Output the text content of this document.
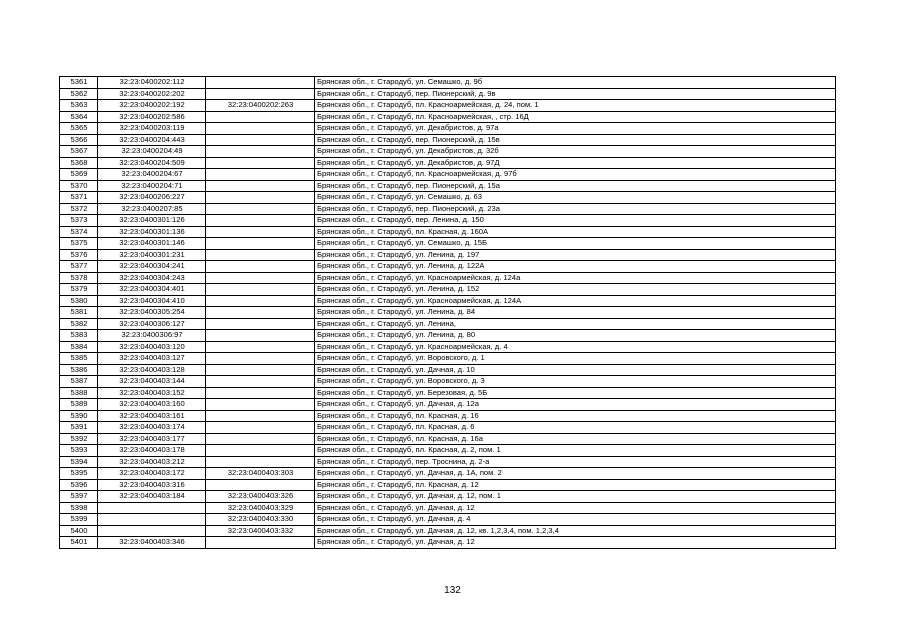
5361	32:23:0400202:112		Брянская обл., г. Стародуб, ул. Семашко, д. 9б
5362	32:23:0400202:202		Брянская обл., г. Стародуб, пер. Пионерский, д. 9в
5363	32:23:0400202:192	32:23:0400202:263	Брянская обл., г. Стародуб, пл. Красноармейская, д. 24, пом. 1
5364	32:23:0400202:586		Брянская обл., г. Стародуб, пл. Красноармейская, , стр. 16Д
5365	32:23:0400203:119		Брянская обл., г. Стародуб, ул. Декабристов, д. 97а
5366	32:23:0400204:443		Брянская обл., г. Стародуб, пер. Пионерский, д. 15в
5367	32:23:0400204:49		Брянская обл., г. Стародуб, ул. Декабристов, д. 32б
5368	32:23:0400204:509		Брянская обл., г. Стародуб, ул. Декабристов, д. 97Д
5369	32:23:0400204:67		Брянская обл., г. Стародуб, пл. Красноармейская, д. 97б
5370	32:23:0400204:71		Брянская обл., г. Стародуб, пер. Пионерский, д. 15а
5371	32:23:0400206:227		Брянская обл., г. Стародуб, ул. Семашко, д. 63
5372	32:23:0400207:85		Брянская обл., г. Стародуб, пер. Пионерский, д. 23а
5373	32:23:0400301:126		Брянская обл., г. Стародуб, пер. Ленина, д. 150
5374	32:23:0400301:136		Брянская обл., г. Стародуб, пл. Красная, д. 160А
5375	32:23:0400301:146		Брянская обл., г. Стародуб, ул. Семашко, д. 15Б
5376	32:23:0400301:231		Брянская обл., г. Стародуб, ул. Ленина, д. 197
5377	32:23:0400304:241		Брянская обл., г. Стародуб, ул. Ленина, д. 122А
5378	32:23:0400304:243		Брянская обл., г. Стародуб, ул. Красноармейская, д. 124а
5379	32:23:0400304:401		Брянская обл., г. Стародуб, ул. Ленина, д. 152
5380	32:23:0400304:410		Брянская обл., г. Стародуб, ул. Красноармейская, д. 124А
5381	32:23:0400305:254		Брянская обл., г. Стародуб, ул. Ленина, д. 84
5382	32:23:0400306:127		Брянская обл., г. Стародуб, ул. Ленина,
5383	32:23:0400306:97		Брянская обл., г. Стародуб, ул. Ленина, д. 80
5384	32:23:0400403:120		Брянская обл., г. Стародуб, ул. Красноармейская, д. 4
5385	32:23:0400403:127		Брянская обл., г. Стародуб, ул. Воровского, д. 1
5386	32:23:0400403:128		Брянская обл., г. Стародуб, ул. Дачная, д. 10
5387	32:23:0400403:144		Брянская обл., г. Стародуб, ул. Воровского, д. 3
5388	32:23:0400403:152		Брянская обл., г. Стародуб, ул. Березовая, д. 5Б
5389	32:23:0400403:160		Брянская обл., г. Стародуб, ул. Дачная, д. 12а
5390	32:23:0400403:161		Брянская обл., г. Стародуб, пл. Красная, д. 16
5391	32:23:0400403:174		Брянская обл., г. Стародуб, пл. Красная, д. 6
5392	32:23:0400403:177		Брянская обл., г. Стародуб, пл. Красная, д. 16а
5393	32:23:0400403:178		Брянская обл., г. Стародуб, пл. Красная, д. 2, пом. 1
5394	32:23:0400403:212		Брянская обл., г. Стародуб, пер. Троснина, д. 2-а
5395	32:23:0400403:172	32:23:0400403:303	Брянская обл., г. Стародуб, ул. Дачная, д. 1А, пом. 2
5396	32:23:0400403:316		Брянская обл., г. Стародуб, пл. Красная, д. 12
5397	32:23:0400403:184	32:23:0400403:326	Брянская обл., г. Стародуб, ул. Дачная, д. 12, пом. 1
5398		32:23:0400403:329	Брянская обл., г. Стародуб, ул. Дачная, д. 12
5399		32:23:0400403:330	Брянская обл., г. Стародуб, ул. Дачная, д. 4
5400		32:23:0400403:332	Брянская обл., г. Стародуб, ул. Дачная, д. 12, кв. 1,2,3,4, пом. 1,2,3,4
5401	32:23:0400403:346		Брянская обл., г. Стародуб, ул. Дачная, д. 12
132
